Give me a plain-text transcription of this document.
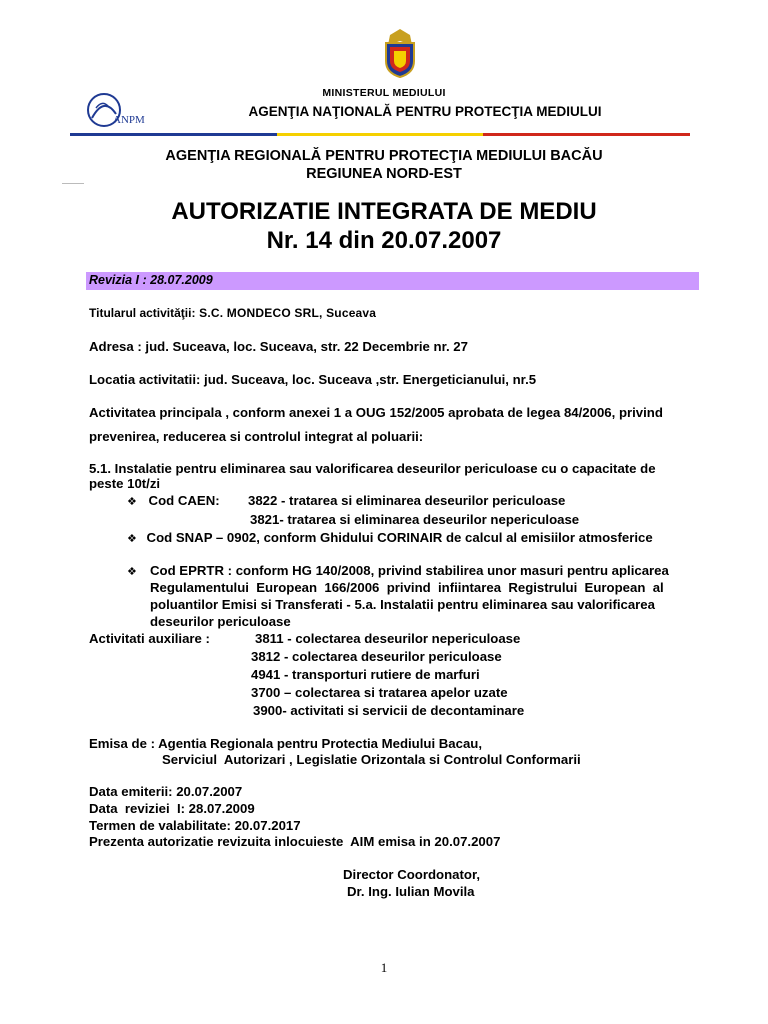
ANPM
MINISTERUL MEDIULUI
AGENŢIA NAŢIONALĂ PENTRU PROTECŢIA MEDIULUI
AGENŢIA REGIONALĂ PENTRU PROTECŢIA MEDIULUI BACĂU
REGIUNEA NORD-EST
AUTORIZATIE INTEGRATA DE MEDIU
Nr. 14 din 20.07.2007
Revizia I : 28.07.2009
Titularul activităţii: S.C. MONDECO SRL, Suceava
Adresa : jud. Suceava, loc. Suceava, str. 22 Decembrie nr. 27
Locatia activitatii: jud. Suceava, loc. Suceava ,str. Energeticianului, nr.5
Activitatea principala , conform anexei 1 a OUG 152/2005 aprobata de legea 84/2006, privind
prevenirea, reducerea si controlul integrat al poluarii:
5.1. Instalatie pentru eliminarea sau valorificarea deseurilor periculoase cu o capacitate de
peste 10t/zi
❖ Cod CAEN: 3822 - tratarea si eliminarea deseurilor periculoase
3821- tratarea si eliminarea deseurilor nepericuloase
❖ Cod SNAP – 0902, conform Ghidului CORINAIR de calcul al emisiilor atmosferice
❖ Cod EPRTR : conform HG 140/2008, privind stabilirea unor masuri pentru aplicarea
Regulamentului  European  166/2006  privind  infiintarea  Registrului  European  al
poluantilor Emisi si Transferati - 5.a. Instalatii pentru eliminarea sau valorificarea
deseurilor periculoase
Activitati auxiliare :	3811 - colectarea deseurilor nepericuloase
3812 - colectarea deseurilor periculoase
4941 - transporturi rutiere de marfuri
3700 – colectarea si tratarea apelor uzate
3900- activitati si servicii de decontaminare
Emisa de : Agentia Regionala pentru Protectia Mediului Bacau,
Serviciul  Autorizari , Legislatie Orizontala si Controlul Conformarii
Data emiterii: 20.07.2007
Data  reviziei  I: 28.07.2009
Termen de valabilitate: 20.07.2017
Prezenta autorizatie revizuita inlocuieste  AIM emisa in 20.07.2007
Director Coordonator,
Dr. Ing. Iulian Movila
1
